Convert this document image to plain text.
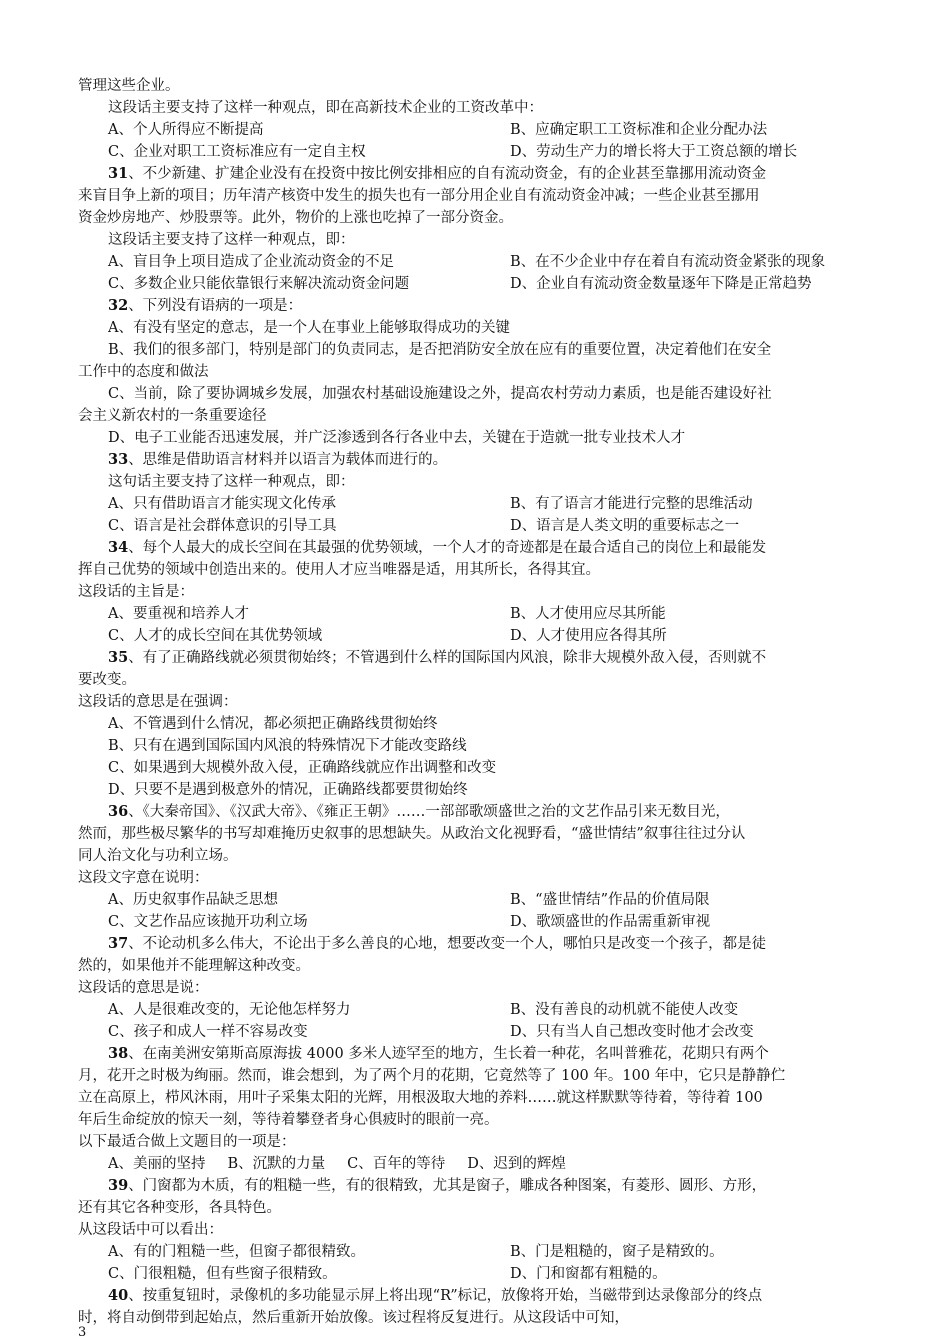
管理这些企业。
这段话主要支持了这样一种观点，即在高新技术企业的工资改革中：
A、个人所得应不断提高	B、应确定职工工资标准和企业分配办法
C、企业对职工工资标准应有一定自主权	D、劳动生产力的增长将大于工资总额的增长
31、不少新建、扩建企业没有在投资中按比例安排相应的自有流动资金，有的企业甚至靠挪用流动资金
来盲目争上新的项目；历年清产核资中发生的损失也有一部分用企业自有流动资金冲减；一些企业甚至挪用
资金炒房地产、炒股票等。此外，物价的上涨也吃掉了一部分资金。
这段话主要支持了这样一种观点，即：
A、盲目争上项目造成了企业流动资金的不足	B、在不少企业中存在着自有流动资金紧张的现象
C、多数企业只能依靠银行来解决流动资金问题	D、企业自有流动资金数量逐年下降是正常趋势
32、下列没有语病的一项是：
A、有没有坚定的意志，是一个人在事业上能够取得成功的关键
B、我们的很多部门，特别是部门的负责同志，是否把消防安全放在应有的重要位置，决定着他们在安全
工作中的态度和做法
C、当前，除了要协调城乡发展，加强农村基础设施建设之外，提高农村劳动力素质，也是能否建设好社
会主义新农村的一条重要途径
D、电子工业能否迅速发展，并广泛渗透到各行各业中去，关键在于造就一批专业技术人才
33、思维是借助语言材料并以语言为载体而进行的。
这句话主要支持了这样一种观点，即：
A、只有借助语言才能实现文化传承	B、有了语言才能进行完整的思维活动
C、语言是社会群体意识的引导工具	D、语言是人类文明的重要标志之一
34、每个人最大的成长空间在其最强的优势领域，一个人才的奇迹都是在最合适自己的岗位上和最能发
挥自己优势的领域中创造出来的。使用人才应当唯器是适，用其所长，各得其宜。
这段话的主旨是：
A、要重视和培养人才	B、人才使用应尽其所能
C、人才的成长空间在其优势领域	D、人才使用应各得其所
35、有了正确路线就必须贯彻始终；不管遇到什么样的国际国内风浪，除非大规模外敌入侵，否则就不
要改变。
这段话的意思是在强调：
A、不管遇到什么情况，都必须把正确路线贯彻始终
B、只有在遇到国际国内风浪的特殊情况下才能改变路线
C、如果遇到大规模外敌入侵，正确路线就应作出调整和改变
D、只要不是遇到极意外的情况，正确路线都要贯彻始终
36、《大秦帝国》、《汉武大帝》、《雍正王朝》……一部部歌颂盛世之治的文艺作品引来无数目光，
然而，那些极尽繁华的书写却难掩历史叙事的思想缺失。从政治文化视野看，“盛世情结”叙事往往过分认
同人治文化与功利立场。
这段文字意在说明：
A、历史叙事作品缺乏思想	B、“盛世情结”作品的价值局限
C、文艺作品应该抛开功利立场	D、歌颂盛世的作品需重新审视
37、不论动机多么伟大，不论出于多么善良的心地，想要改变一个人，哪怕只是改变一个孩子，都是徒
然的，如果他并不能理解这种改变。
这段话的意思是说：
A、人是很难改变的，无论他怎样努力	B、没有善良的动机就不能使人改变
C、孩子和成人一样不容易改变	D、只有当人自己想改变时他才会改变
38、在南美洲安第斯高原海拔 4000 多米人迹罕至的地方，生长着一种花，名叫普雅花，花期只有两个
月，花开之时极为绚丽。然而，谁会想到，为了两个月的花期，它竟然等了 100 年。100 年中，它只是静静伫
立在高原上，栉风沐雨，用叶子采集太阳的光辉，用根汲取大地的养料……就这样默默等待着，等待着 100
年后生命绽放的惊天一刻，等待着攀登者身心俱疲时的眼前一亮。
以下最适合做上文题目的一项是：
A、美丽的坚持 B、沉默的力量 C、百年的等待 D、迟到的辉煌
39、门窗都为木质，有的粗糙一些，有的很精致，尤其是窗子，雕成各种图案，有菱形、圆形、方形，
还有其它各种变形，各具特色。
从这段话中可以看出：
A、有的门粗糙一些，但窗子都很精致。	B、门是粗糙的，窗子是精致的。
C、门很粗糙，但有些窗子很精致。	D、门和窗都有粗糙的。
40、按重复钮时，录像机的多功能显示屏上将出现“R”标记，放像将开始，当磁带到达录像部分的终点
时，将自动倒带到起始点，然后重新开始放像。该过程将反复进行。从这段话中可知，
3
